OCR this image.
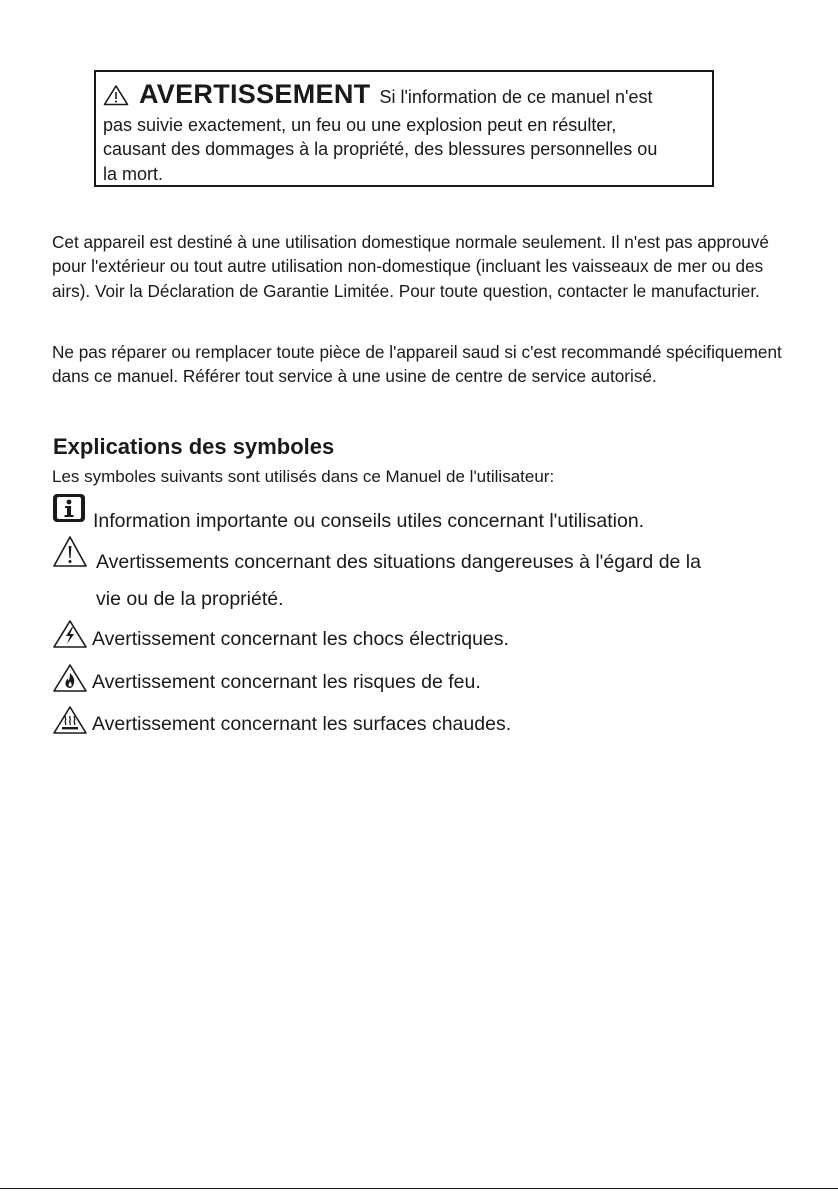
AVERTISSEMENT Si l'information de ce manuel n'est
pas suivie exactement, un feu ou une explosion peut en résulter,
causant des dommages à la propriété, des blessures personnelles ou
la mort.

Cet appareil est destiné à une utilisation domestique normale seulement. Il n'est pas approuvé pour l'extérieur ou tout autre utilisation non-domestique (incluant les vaisseaux de mer ou des airs). Voir la Déclaration de Garantie Limitée. Pour toute question, contacter le manufacturier.

Ne pas réparer ou remplacer toute pièce de l'appareil saud si c'est recommandé spécifiquement dans ce manuel. Référer tout service à une usine de centre de service autorisé.

Explications des symboles

Les symboles suivants sont utilisés dans ce Manuel de l'utilisateur:

Information importante ou conseils utiles concernant l'utilisation.
Avertissements concernant des situations dangereuses à l'égard de la
vie ou de la propriété.
Avertissement concernant les chocs électriques.
Avertissement concernant les risques de feu.
Avertissement concernant les surfaces chaudes.
